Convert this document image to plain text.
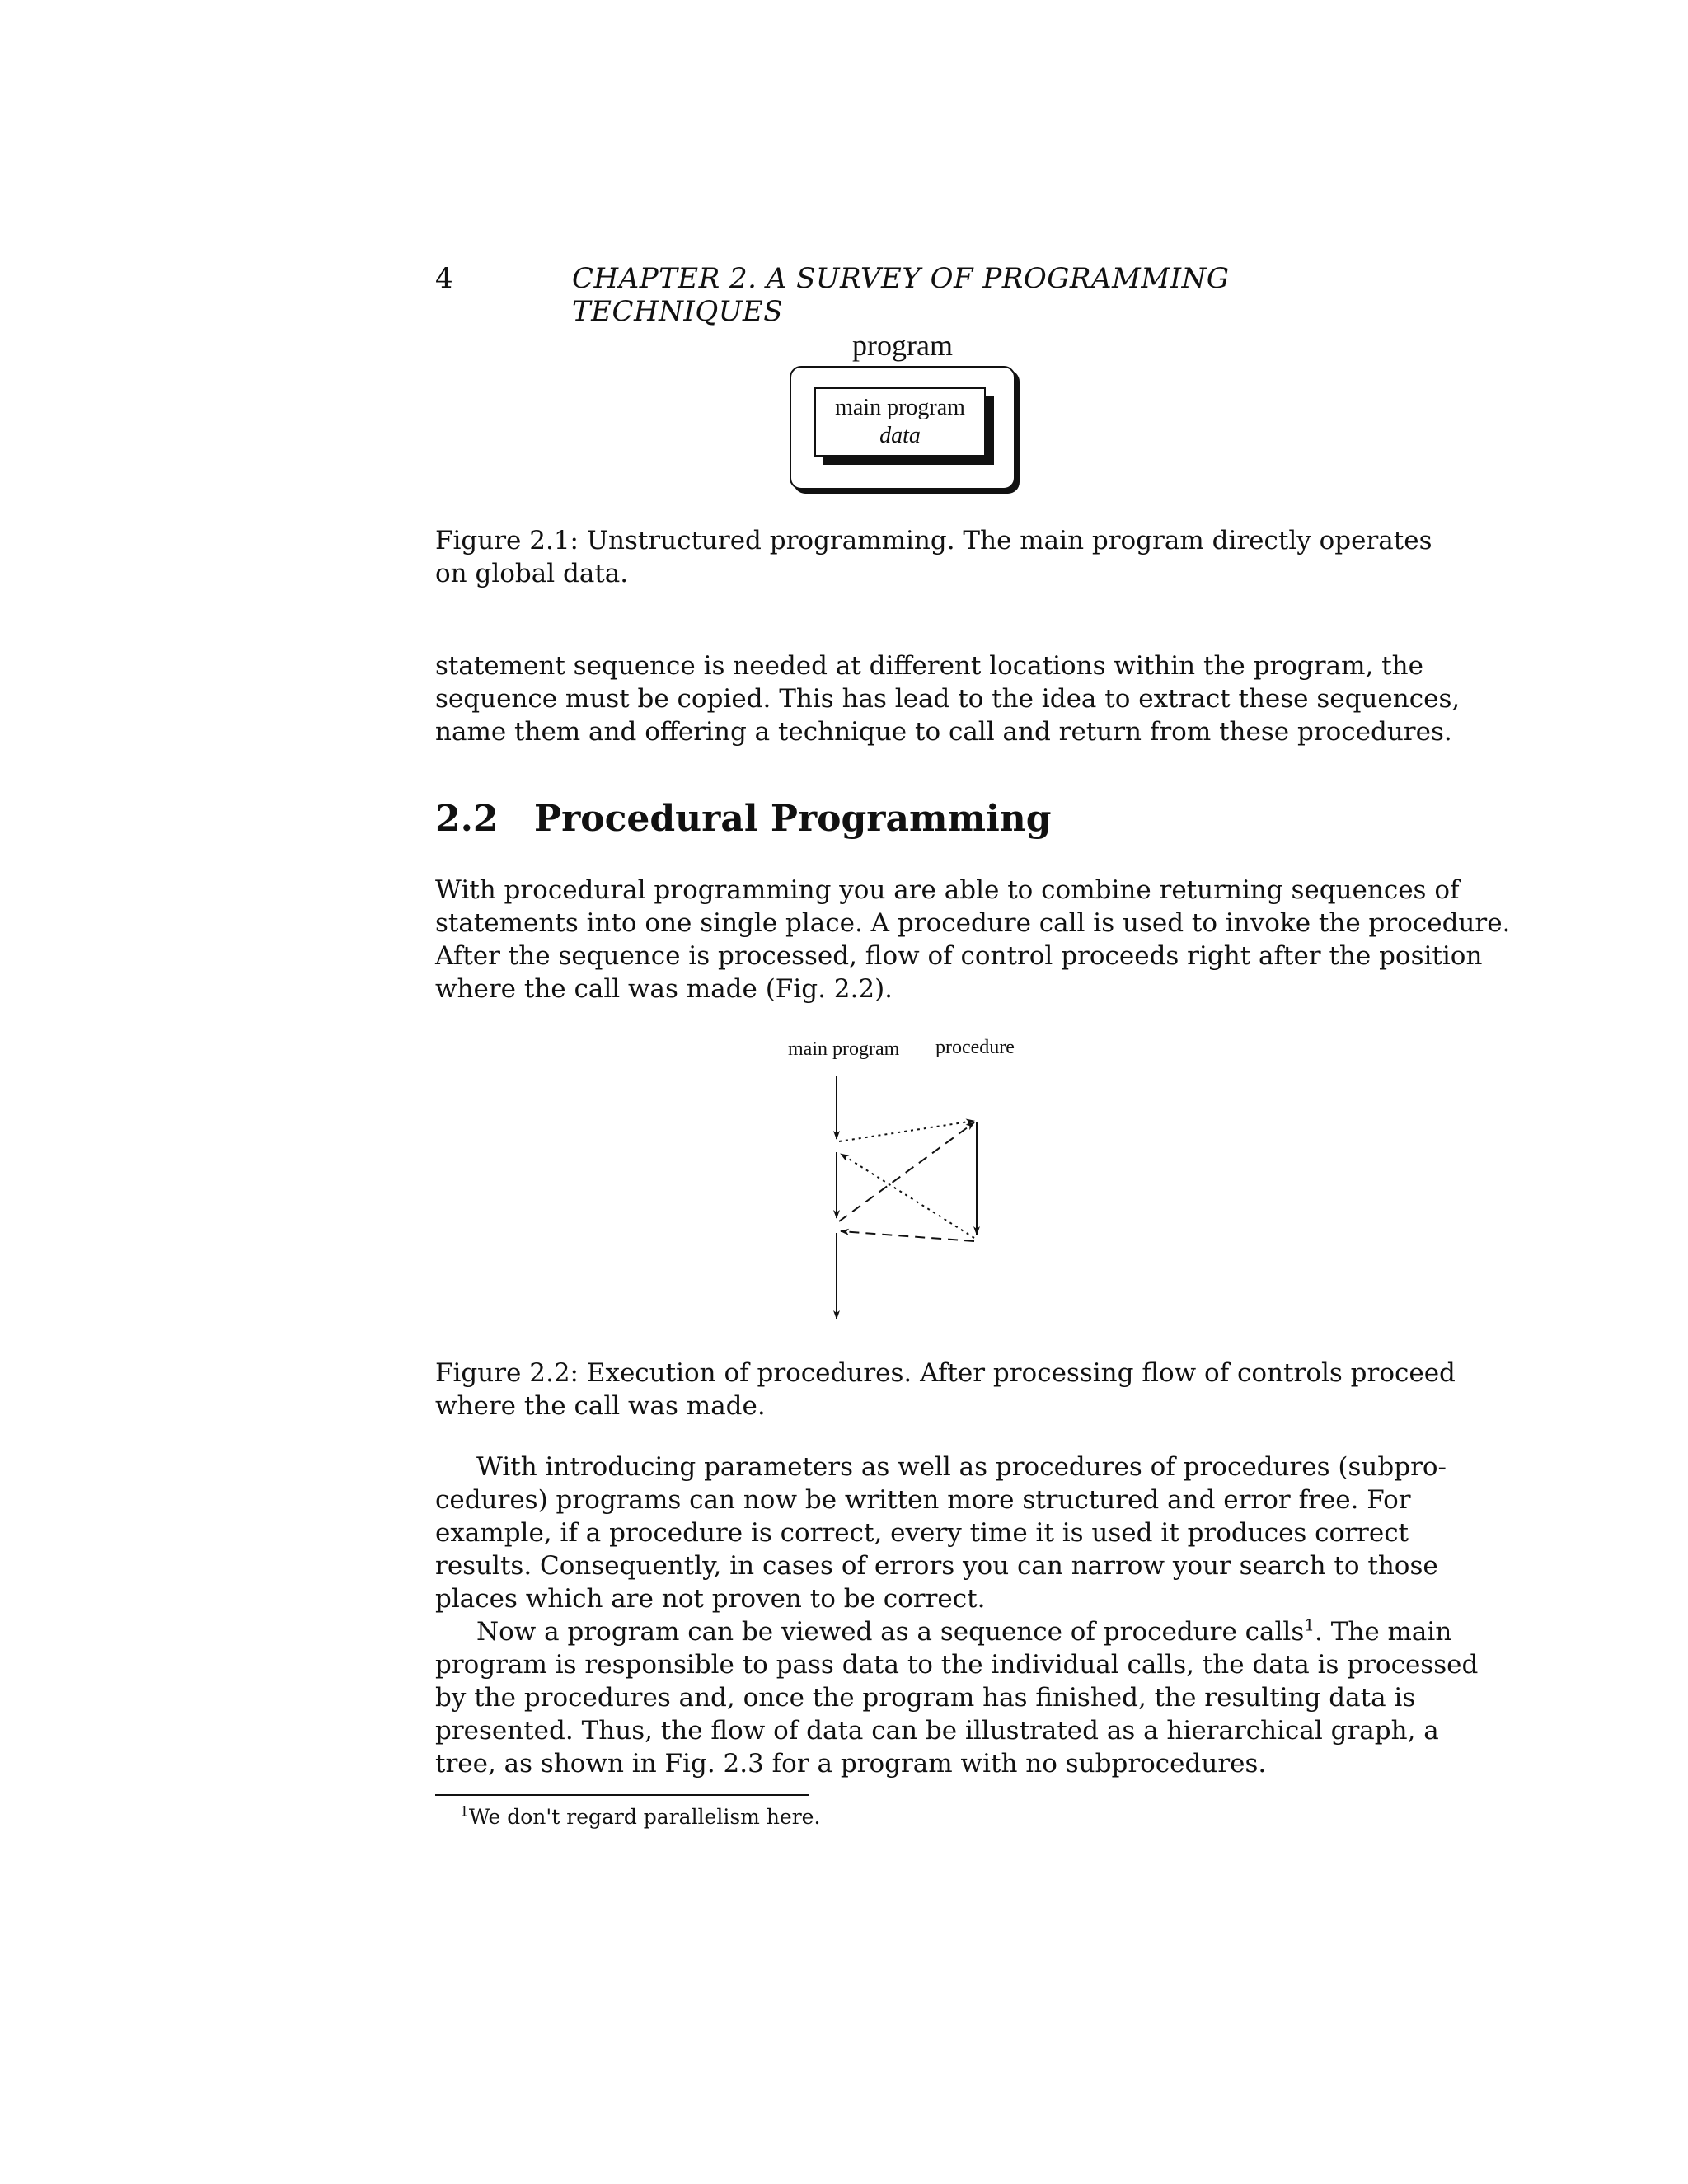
4	CHAPTER 2. A SURVEY OF PROGRAMMING TECHNIQUES
program
main program
data
Figure 2.1: Unstructured programming. The main program directly operates
on global data.
statement sequence is needed at different locations within the program, the
sequence must be copied. This has lead to the idea to extract these sequences,
name them and offering a technique to call and return from these procedures.
2.2 Procedural Programming
With procedural programming you are able to combine returning sequences of
statements into one single place. A procedure call is used to invoke the procedure.
After the sequence is processed, flow of control proceeds right after the position
where the call was made (Fig. 2.2).
main program procedure
Figure 2.2: Execution of procedures. After processing flow of controls proceed
where the call was made.
With introducing parameters as well as procedures of procedures (subpro-
cedures) programs can now be written more structured and error free. For
example, if a procedure is correct, every time it is used it produces correct
results. Consequently, in cases of errors you can narrow your search to those
places which are not proven to be correct.
Now a program can be viewed as a sequence of procedure calls$^1$. The main
program is responsible to pass data to the individual calls, the data is processed
by the procedures and, once the program has finished, the resulting data is
presented. Thus, the flow of data can be illustrated as a hierarchical graph, a
tree, as shown in Fig. 2.3 for a program with no subprocedures.
$^1$We don't regard parallelism here.
